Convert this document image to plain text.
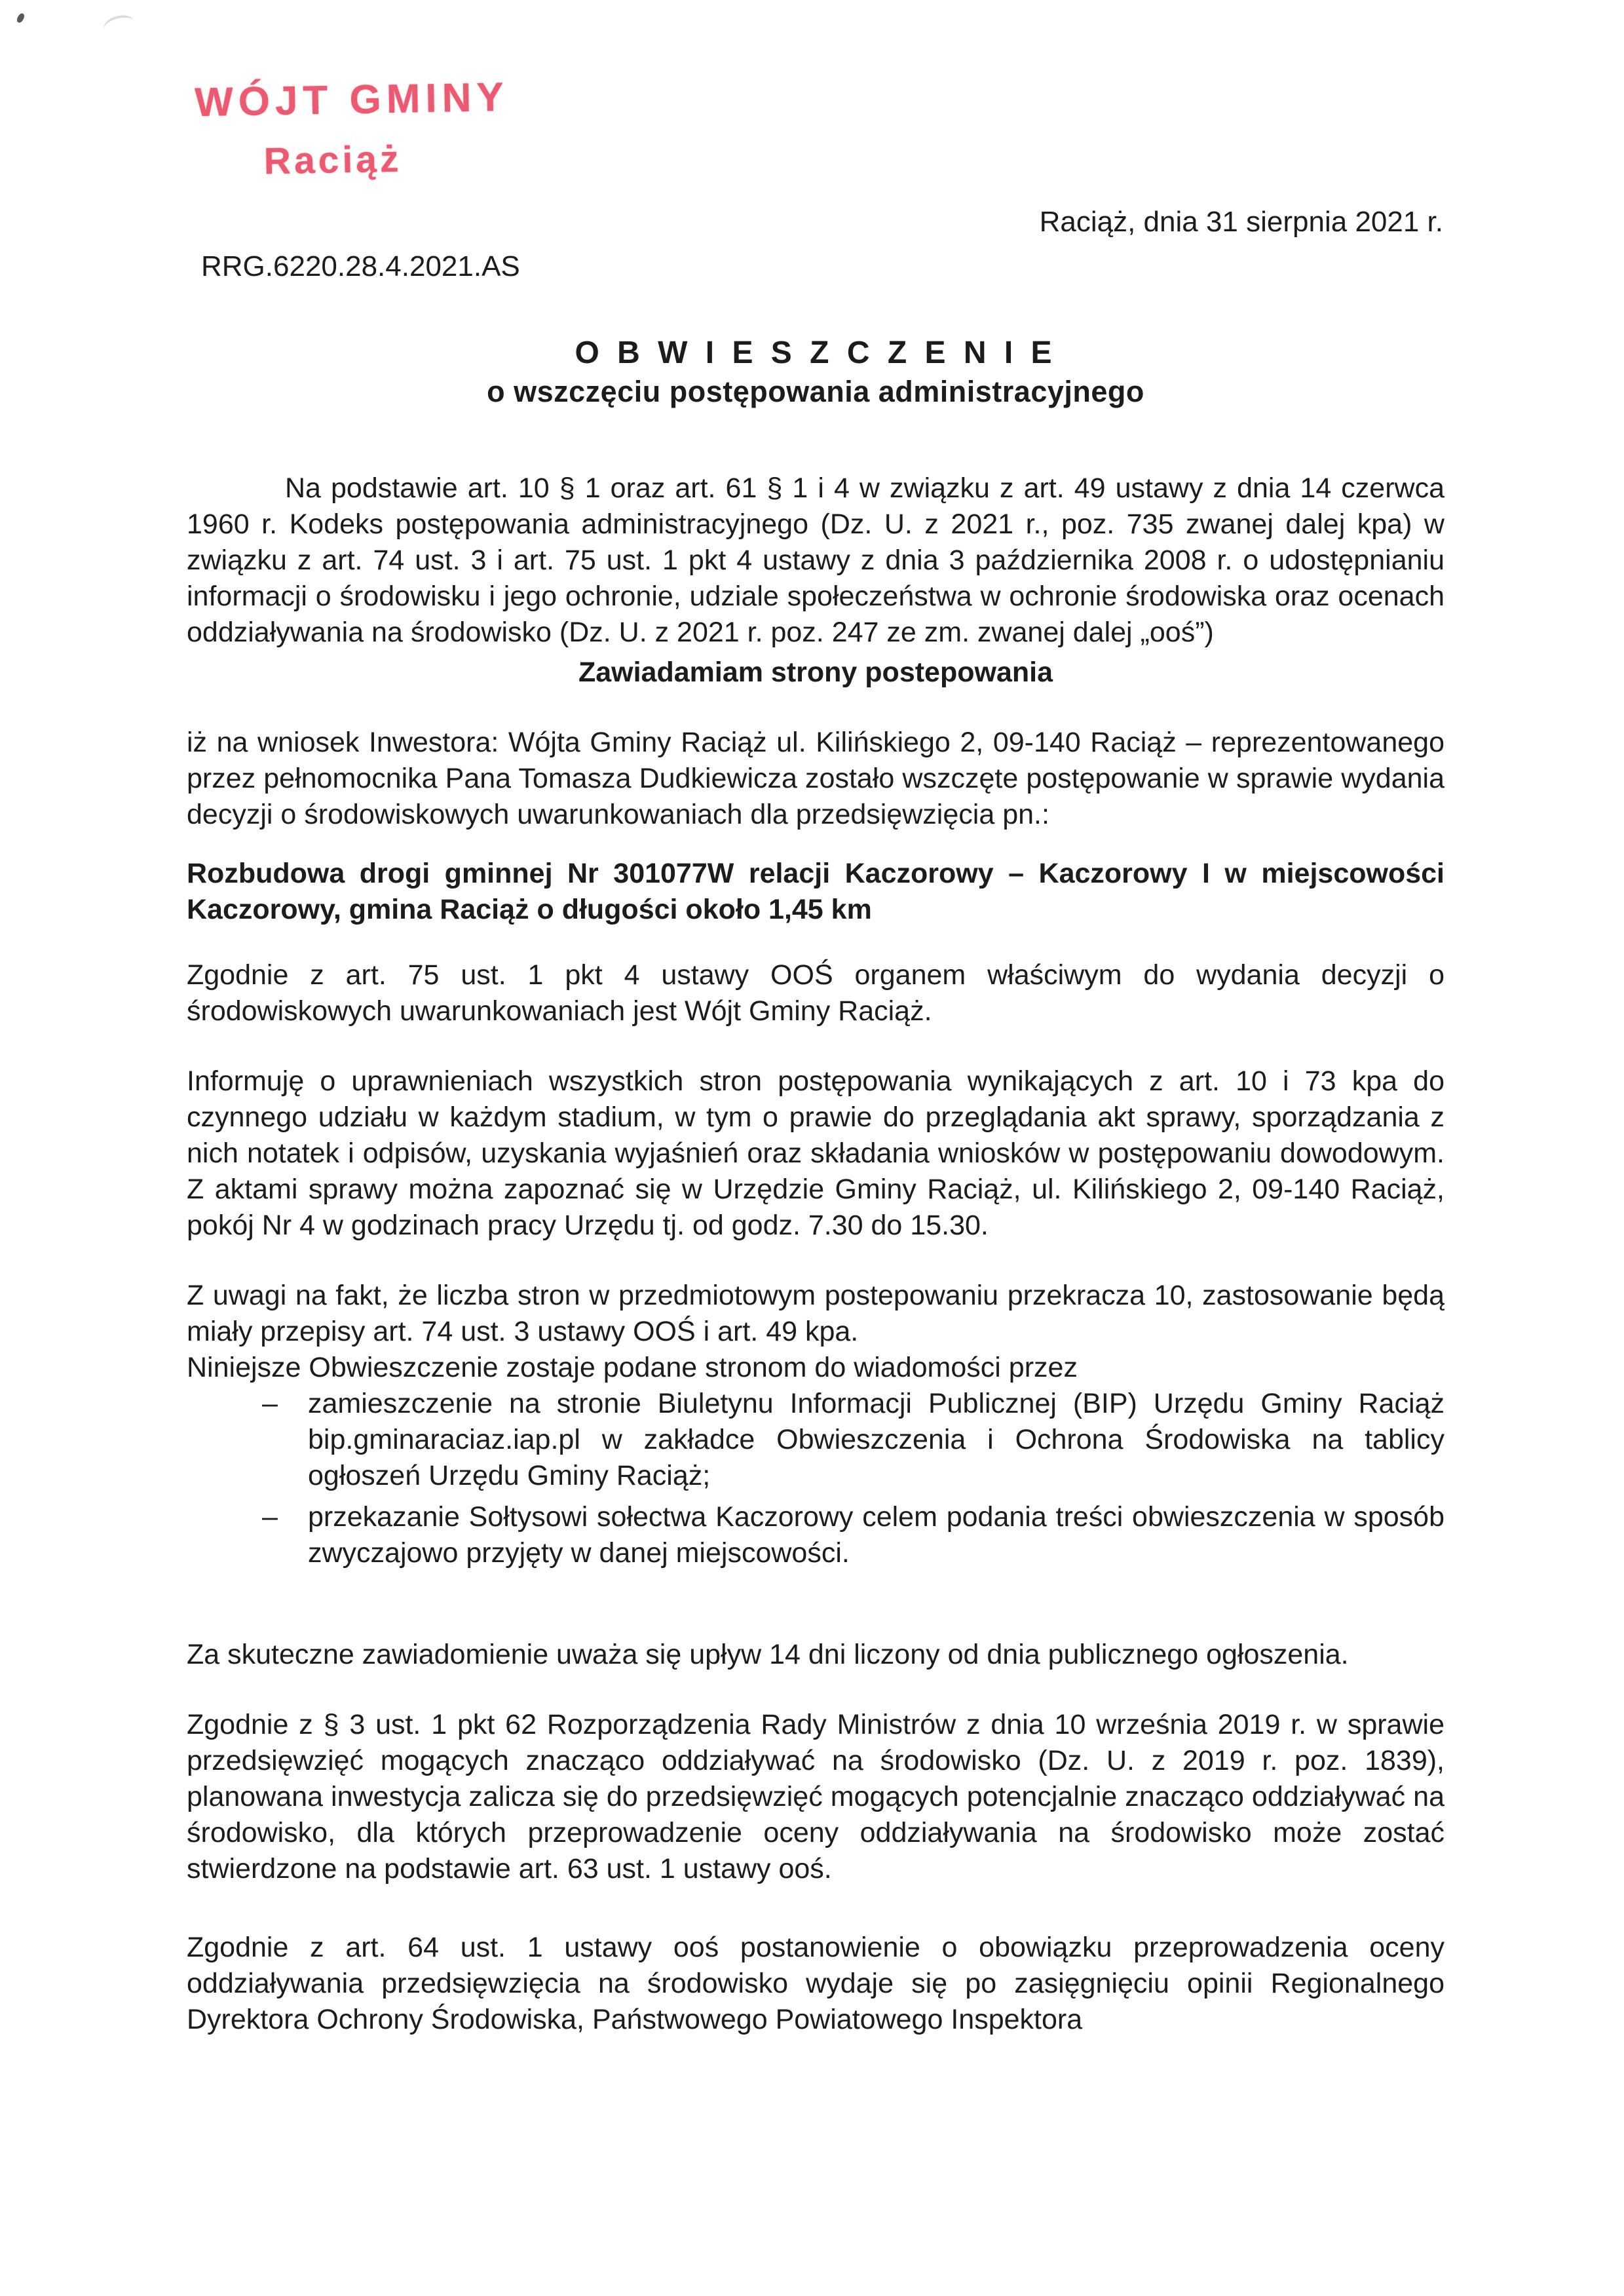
WÓJT GMINY
Raciąż
Raciąż, dnia 31 sierpnia 2021 r.
RRG.6220.28.4.2021.AS
O B W I E S Z C Z E N I E
o wszczęciu postępowania administracyjnego

Na podstawie art. 10 § 1 oraz art. 61 § 1 i 4 w związku z art. 49 ustawy z dnia 14 czerwca 1960 r. Kodeks postępowania administracyjnego (Dz. U. z 2021 r., poz. 735 zwanej dalej kpa) w związku z art. 74 ust. 3 i art. 75 ust. 1 pkt 4 ustawy z dnia 3 października 2008 r. o udostępnianiu informacji o środowisku i jego ochronie, udziale społeczeństwa w ochronie środowiska oraz ocenach oddziaływania na środowisko (Dz. U. z 2021 r. poz. 247 ze zm. zwanej dalej „ooś”)

Zawiadamiam strony postepowania

iż na wniosek Inwestora: Wójta Gminy Raciąż ul. Kilińskiego 2, 09-140 Raciąż – reprezentowanego przez pełnomocnika Pana Tomasza Dudkiewicza zostało wszczęte postępowanie w sprawie wydania decyzji o środowiskowych uwarunkowaniach dla przedsięwzięcia pn.:

Rozbudowa drogi gminnej Nr 301077W relacji Kaczorowy – Kaczorowy I w miejscowości Kaczorowy, gmina Raciąż o długości około 1,45 km

Zgodnie z art. 75 ust. 1 pkt 4 ustawy OOŚ organem właściwym do wydania decyzji o środowiskowych uwarunkowaniach jest Wójt Gminy Raciąż.

Informuję o uprawnieniach wszystkich stron postępowania wynikających z art. 10 i 73 kpa do czynnego udziału w każdym stadium, w tym o prawie do przeglądania akt sprawy, sporządzania z nich notatek i odpisów, uzyskania wyjaśnień oraz składania wniosków w postępowaniu dowodowym. Z aktami sprawy można zapoznać się w Urzędzie Gminy Raciąż, ul. Kilińskiego 2, 09-140 Raciąż, pokój Nr 4 w godzinach pracy Urzędu tj. od godz. 7.30 do 15.30.

Z uwagi na fakt, że liczba stron w przedmiotowym postepowaniu przekracza 10, zastosowanie będą miały przepisy art. 74 ust. 3 ustawy OOŚ i art. 49 kpa.

Niniejsze Obwieszczenie zostaje podane stronom do wiadomości przez

– zamieszczenie na stronie Biuletynu Informacji Publicznej (BIP) Urzędu Gminy Raciąż bip.gminaraciaz.iap.pl w zakładce Obwieszczenia i Ochrona Środowiska na tablicy ogłoszeń Urzędu Gminy Raciąż;
– przekazanie Sołtysowi sołectwa Kaczorowy celem podania treści obwieszczenia w sposób zwyczajowo przyjęty w danej miejscowości.

Za skuteczne zawiadomienie uważa się upływ 14 dni liczony od dnia publicznego ogłoszenia.

Zgodnie z § 3 ust. 1 pkt 62 Rozporządzenia Rady Ministrów z dnia 10 września 2019 r. w sprawie przedsięwzięć mogących znacząco oddziaływać na środowisko (Dz. U. z 2019 r. poz. 1839), planowana inwestycja zalicza się do przedsięwzięć mogących potencjalnie znacząco oddziaływać na środowisko, dla których przeprowadzenie oceny oddziaływania na środowisko może zostać stwierdzone na podstawie art. 63 ust. 1 ustawy ooś.

Zgodnie z art. 64 ust. 1 ustawy ooś postanowienie o obowiązku przeprowadzenia oceny oddziaływania przedsięwzięcia na środowisko wydaje się po zasięgnięciu opinii Regionalnego Dyrektora Ochrony Środowiska, Państwowego Powiatowego Inspektora
